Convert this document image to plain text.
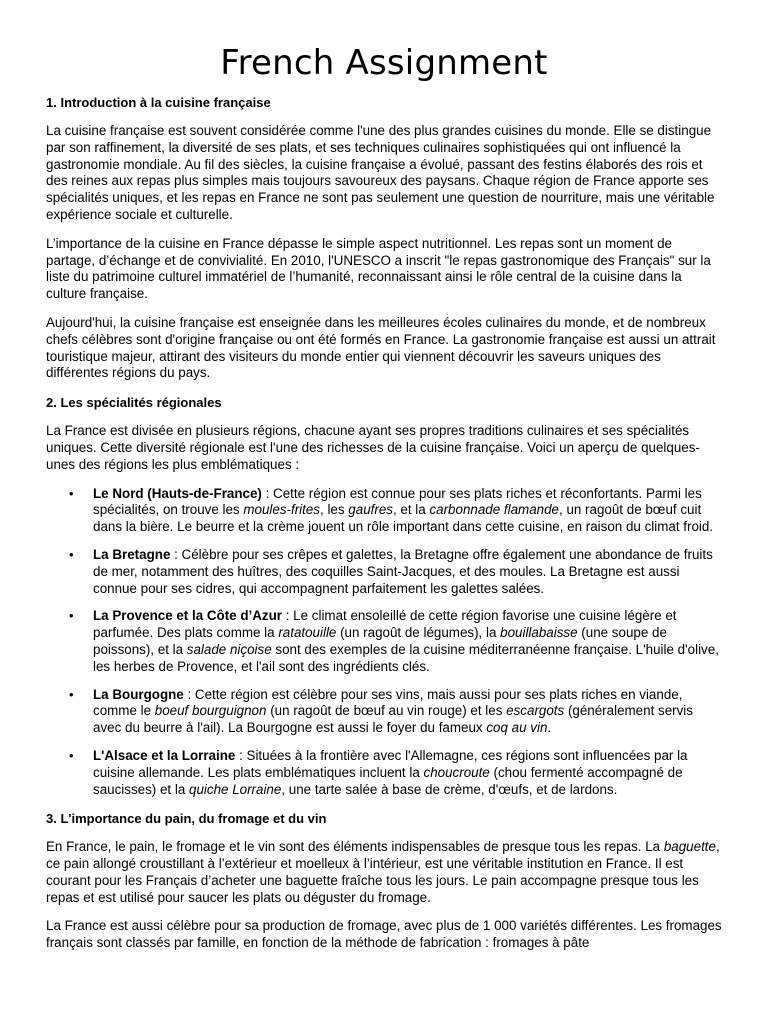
French Assignment
1. Introduction à la cuisine française

La cuisine française est souvent considérée comme l'une des plus grandes cuisines du monde. Elle se distingue par son raffinement, la diversité de ses plats, et ses techniques culinaires sophistiquées qui ont influencé la gastronomie mondiale. Au fil des siècles, la cuisine française a évolué, passant des festins élaborés des rois et des reines aux repas plus simples mais toujours savoureux des paysans. Chaque région de France apporte ses spécialités uniques, et les repas en France ne sont pas seulement une question de nourriture, mais une véritable expérience sociale et culturelle.

L’importance de la cuisine en France dépasse le simple aspect nutritionnel. Les repas sont un moment de partage, d’échange et de convivialité. En 2010, l'UNESCO a inscrit "le repas gastronomique des Français" sur la liste du patrimoine culturel immatériel de l’humanité, reconnaissant ainsi le rôle central de la cuisine dans la culture française.

Aujourd'hui, la cuisine française est enseignée dans les meilleures écoles culinaires du monde, et de nombreux chefs célèbres sont d'origine française ou ont été formés en France. La gastronomie française est aussi un attrait touristique majeur, attirant des visiteurs du monde entier qui viennent découvrir les saveurs uniques des différentes régions du pays.

2. Les spécialités régionales

La France est divisée en plusieurs régions, chacune ayant ses propres traditions culinaires et ses spécialités uniques. Cette diversité régionale est l'une des richesses de la cuisine française. Voici un aperçu de quelques-unes des régions les plus emblématiques :

• Le Nord (Hauts-de-France) : Cette région est connue pour ses plats riches et réconfortants. Parmi les spécialités, on trouve les moules-frites, les gaufres, et la carbonnade flamande, un ragoût de bœuf cuit dans la bière. Le beurre et la crème jouent un rôle important dans cette cuisine, en raison du climat froid.
• La Bretagne : Célèbre pour ses crêpes et galettes, la Bretagne offre également une abondance de fruits de mer, notamment des huîtres, des coquilles Saint-Jacques, et des moules. La Bretagne est aussi connue pour ses cidres, qui accompagnent parfaitement les galettes salées.
• La Provence et la Côte d’Azur : Le climat ensoleillé de cette région favorise une cuisine légère et parfumée. Des plats comme la ratatouille (un ragoût de légumes), la bouillabaisse (une soupe de poissons), et la salade niçoise sont des exemples de la cuisine méditerranéenne française. L'huile d'olive, les herbes de Provence, et l'ail sont des ingrédients clés.
• La Bourgogne : Cette région est célèbre pour ses vins, mais aussi pour ses plats riches en viande, comme le boeuf bourguignon (un ragoût de bœuf au vin rouge) et les escargots (généralement servis avec du beurre à l'ail). La Bourgogne est aussi le foyer du fameux coq au vin.
• L'Alsace et la Lorraine : Situées à la frontière avec l'Allemagne, ces régions sont influencées par la cuisine allemande. Les plats emblématiques incluent la choucroute (chou fermenté accompagné de saucisses) et la quiche Lorraine, une tarte salée à base de crème, d'œufs, et de lardons.
3. L'importance du pain, du fromage et du vin

En France, le pain, le fromage et le vin sont des éléments indispensables de presque tous les repas. La baguette, ce pain allongé croustillant à l’extérieur et moelleux à l’intérieur, est une véritable institution en France. Il est courant pour les Français d’acheter une baguette fraîche tous les jours. Le pain accompagne presque tous les repas et est utilisé pour saucer les plats ou déguster du fromage.

La France est aussi célèbre pour sa production de fromage, avec plus de 1 000 variétés différentes. Les fromages français sont classés par famille, en fonction de la méthode de fabrication : fromages à pâte
